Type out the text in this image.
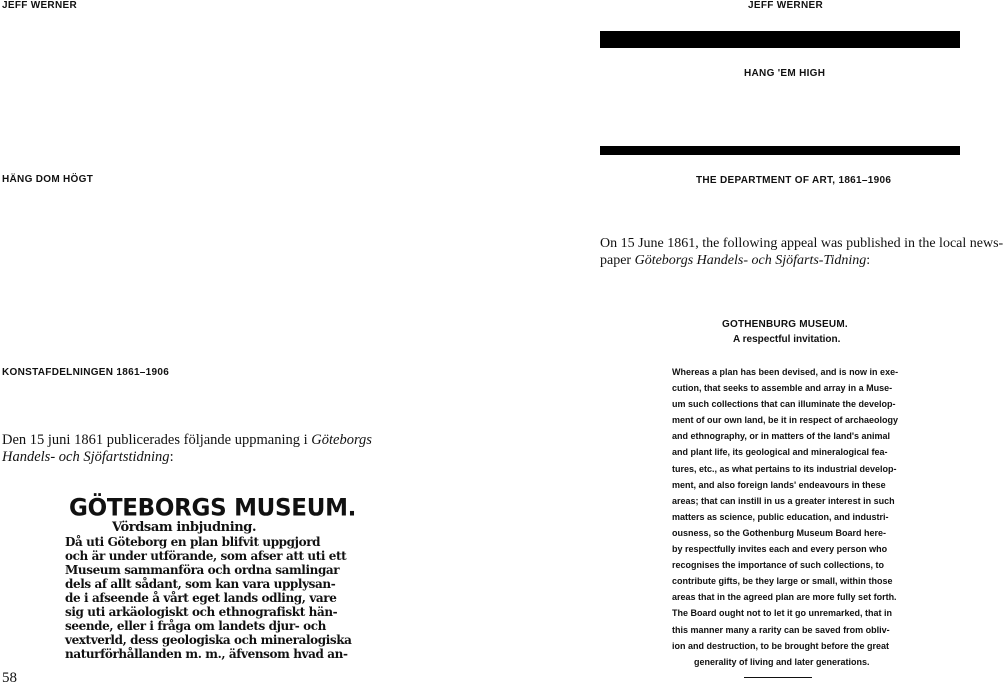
JEFF WERNER
HÄNG DOM HÖGT
KONSTAFDELNINGEN 1861–1906
Den 15 juni 1861 publicerades följande uppmaning i Göteborgs Handels- och Sjöfartstidning:
GÖTEBORGS MUSEUM.
Vördsam inbjudning.
Då uti Göteborg en plan blifvit uppgjord
och är under utförande, som afser att uti ett
Museum sammanföra och ordna samlingar
dels af allt sådant, som kan vara upplysan-
de i afseende å vårt eget lands odling, vare
sig uti arkäologiskt och ethnografiskt hän-
seende, eller i fråga om landets djur- och
vextverld, dess geologiska och mineralogiska
naturförhållanden m. m., äfvensom hvad an-
58
JEFF WERNER
HANG 'EM HIGH
THE DEPARTMENT OF ART, 1861–1906
On 15 June 1861, the following appeal was published in the local news-
paper Göteborgs Handels- och Sjöfarts-Tidning:
GOTHENBURG MUSEUM.
A respectful invitation.
Whereas a plan has been devised, and is now in exe-
cution, that seeks to assemble and array in a Muse-
um such collections that can illuminate the develop-
ment of our own land, be it in respect of archaeology
and ethnography, or in matters of the land's animal
and plant life, its geological and mineralogical fea-
tures, etc., as what pertains to its industrial develop-
ment, and also foreign lands' endeavours in these
areas; that can instill in us a greater interest in such
matters as science, public education, and industri-
ousness, so the Gothenburg Museum Board here-
by respectfully invites each and every person who
recognises the importance of such collections, to
contribute gifts, be they large or small, within those
areas that in the agreed plan are more fully set forth.
The Board ought not to let it go unremarked, that in
this manner many a rarity can be saved from obliv-
ion and destruction, to be brought before the great
generality of living and later generations.
